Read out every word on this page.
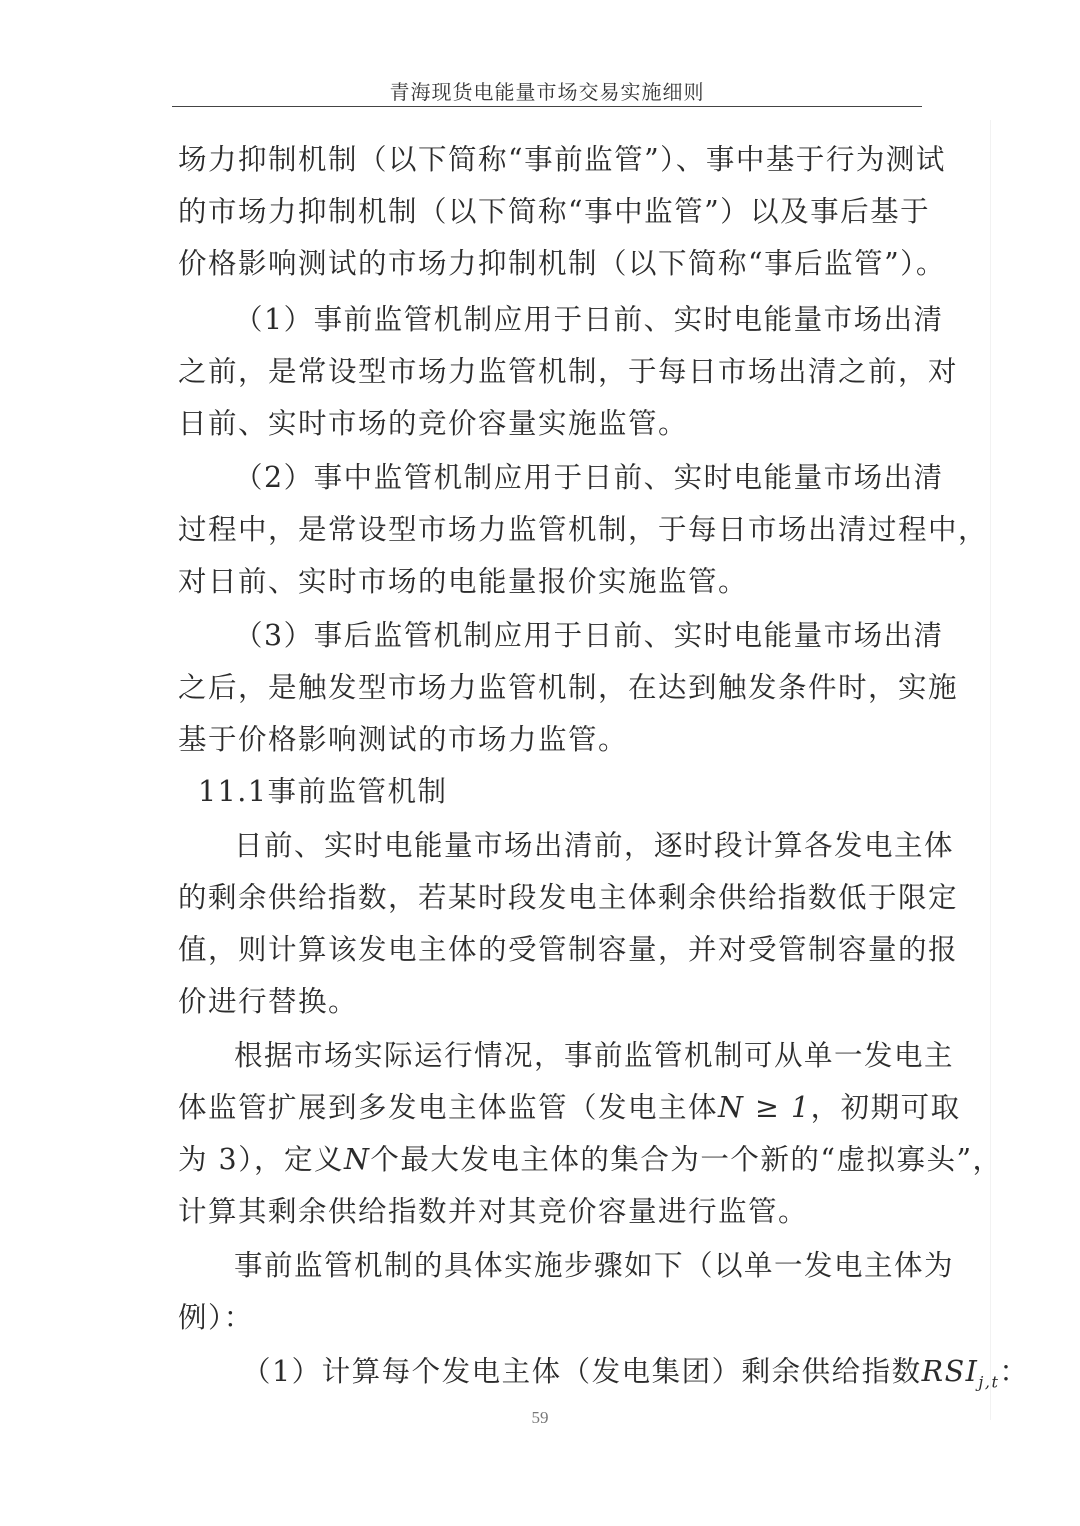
青海现货电能量市场交易实施细则
场力抑制机制（以下简称“事前监管”）、事中基于行为测试
的市场力抑制机制（以下简称“事中监管”）以及事后基于
价格影响测试的市场力抑制机制（以下简称“事后监管”）。
（1）事前监管机制应用于日前、实时电能量市场出清
之前，是常设型市场力监管机制，于每日市场出清之前，对
日前、实时市场的竞价容量实施监管。
（2）事中监管机制应用于日前、实时电能量市场出清
过程中，是常设型市场力监管机制，于每日市场出清过程中，
对日前、实时市场的电能量报价实施监管。
（3）事后监管机制应用于日前、实时电能量市场出清
之后，是触发型市场力监管机制，在达到触发条件时，实施
基于价格影响测试的市场力监管。
11.1事前监管机制
日前、实时电能量市场出清前，逐时段计算各发电主体
的剩余供给指数，若某时段发电主体剩余供给指数低于限定
值，则计算该发电主体的受管制容量，并对受管制容量的报
价进行替换。
根据市场实际运行情况，事前监管机制可从单一发电主
体监管扩展到多发电主体监管（发电主体N ≥ 1，初期可取
为 3），定义N个最大发电主体的集合为一个新的“虚拟寡头”，
计算其剩余供给指数并对其竞价容量进行监管。
事前监管机制的具体实施步骤如下（以单一发电主体为
例）：
（1）计算每个发电主体（发电集团）剩余供给指数$RSI_{j,t}$：
59
